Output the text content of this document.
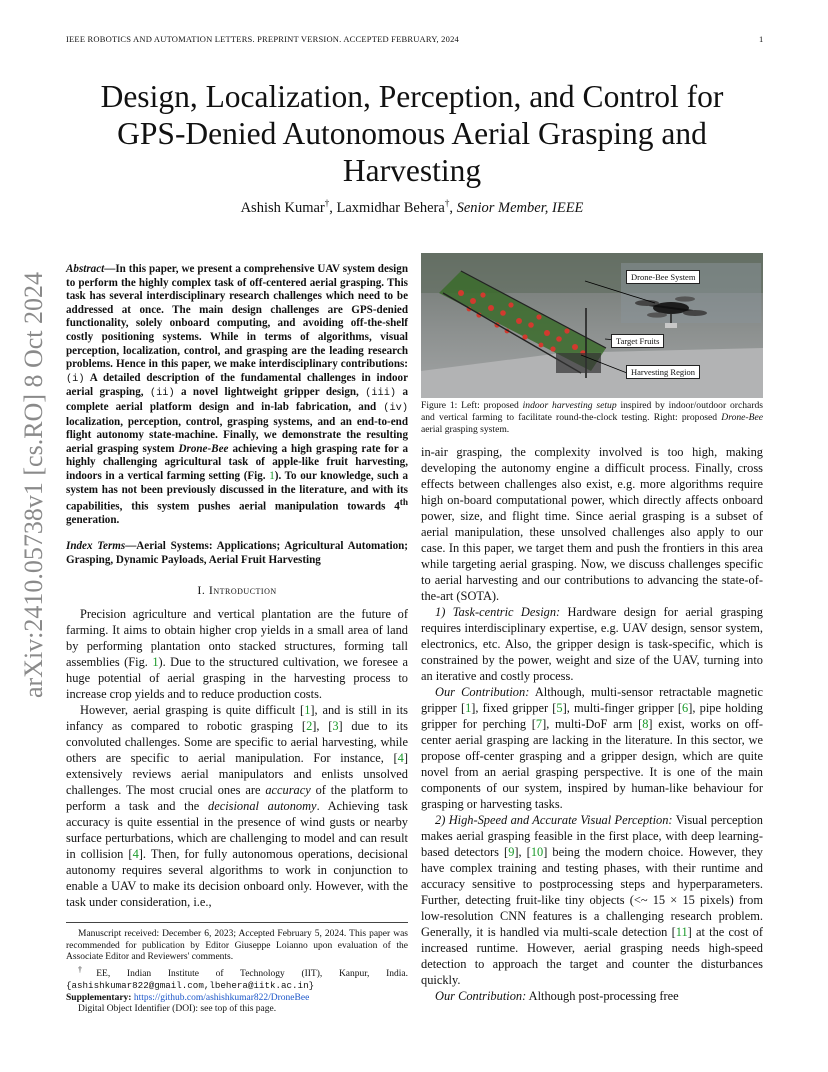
IEEE ROBOTICS AND AUTOMATION LETTERS. PREPRINT VERSION. ACCEPTED FEBRUARY, 2024	1
arXiv:2410.05738v1 [cs.RO] 8 Oct 2024
Design, Localization, Perception, and Control for GPS-Denied Autonomous Aerial Grasping and Harvesting
Ashish Kumar†, Laxmidhar Behera†, Senior Member, IEEE

Abstract—In this paper, we present a comprehensive UAV system design to perform the highly complex task of off-centered aerial grasping. This task has several interdisciplinary research challenges which need to be addressed at once. The main design challenges are GPS-denied functionality, solely onboard computing, and avoiding off-the-shelf costly positioning systems. While in terms of algorithms, visual perception, localization, control, and grasping are the leading research problems. Hence in this paper, we make interdisciplinary contributions: (i) A detailed description of the fundamental challenges in indoor aerial grasping, (ii) a novel lightweight gripper design, (iii) a complete aerial platform design and in-lab fabrication, and (iv) localization, perception, control, grasping systems, and an end-to-end flight autonomy state-machine. Finally, we demonstrate the resulting aerial grasping system Drone-Bee achieving a high grasping rate for a highly challenging agricultural task of apple-like fruit harvesting, indoors in a vertical farming setting (Fig. 1). To our knowledge, such a system has not been previously discussed in the literature, and with its capabilities, this system pushes aerial manipulation towards 4th generation.

Index Terms—Aerial Systems: Applications; Agricultural Automation; Grasping, Dynamic Payloads, Aerial Fruit Harvesting

I. Introduction

Precision agriculture and vertical plantation are the future of farming. It aims to obtain higher crop yields in a small area of land by performing plantation onto stacked structures, forming tall assemblies (Fig. 1). Due to the structured cultivation, we foresee a huge potential of aerial grasping in the harvesting process to increase crop yields and to reduce production costs.

However, aerial grasping is quite difficult [1], and is still in its infancy as compared to robotic grasping [2], [3] due to its convoluted challenges. Some are specific to aerial harvesting, while others are specific to aerial manipulation. For instance, [4] extensively reviews aerial manipulators and enlists unsolved challenges. The most crucial ones are accuracy of the platform to perform a task and the decisional autonomy. Achieving task accuracy is quite essential in the presence of wind gusts or nearby surface perturbations, which are challenging to model and can result in collision [4]. Then, for fully autonomous operations, decisional autonomy requires several algorithms to work in conjunction to enable a UAV to make its decision onboard only. However, with the task under consideration, i.e.,

Manuscript received: December 6, 2023; Accepted February 5, 2024. This paper was recommended for publication by Editor Giuseppe Loianno upon evaluation of the Associate Editor and Reviewers' comments.

†EE, Indian Institute of Technology (IIT), Kanpur, India. {ashishkumar822@gmail.com,lbehera@iitk.ac.in}

Supplementary: https://github.com/ashishkumar822/DroneBee

Digital Object Identifier (DOI): see top of this page.

Drone-Bee System
Target Fruits
Harvesting Region

Figure 1: Left: proposed indoor harvesting setup inspired by indoor/outdoor orchards and vertical farming to facilitate round-the-clock testing. Right: proposed Drone-Bee aerial grasping system.

in-air grasping, the complexity involved is too high, making developing the autonomy engine a difficult process. Finally, cross effects between challenges also exist, e.g. more algorithms require high on-board computational power, which directly affects onboard power, size, and flight time. Since aerial grasping is a subset of aerial manipulation, these unsolved challenges also apply to our case. In this paper, we target them and push the frontiers in this area while targeting aerial grasping. Now, we discuss challenges specific to aerial harvesting and our contributions to advancing the state-of-the-art (SOTA).

1) Task-centric Design: Hardware design for aerial grasping requires interdisciplinary expertise, e.g. UAV design, sensor system, electronics, etc. Also, the gripper design is task-specific, which is constrained by the power, weight and size of the UAV, turning into an iterative and costly process.

Our Contribution: Although, multi-sensor retractable magnetic gripper [1], fixed gripper [5], multi-finger gripper [6], pipe holding gripper for perching [7], multi-DoF arm [8] exist, works on off-center aerial grasping are lacking in the literature. In this sector, we propose off-center grasping and a gripper design, which are quite novel from an aerial grasping perspective. It is one of the main components of our system, inspired by human-like behaviour for grasping or harvesting tasks.

2) High-Speed and Accurate Visual Perception: Visual perception makes aerial grasping feasible in the first place, with deep learning-based detectors [9], [10] being the modern choice. However, they have complex training and testing phases, with their runtime and accuracy sensitive to postprocessing steps and hyperparameters. Further, detecting fruit-like tiny objects (<~ 15 × 15 pixels) from low-resolution CNN features is a challenging research problem. Generally, it is handled via multi-scale detection [11] at the cost of increased runtime. However, aerial grasping needs high-speed detection to approach the target and counter the disturbances quickly.

Our Contribution: Although post-processing free
